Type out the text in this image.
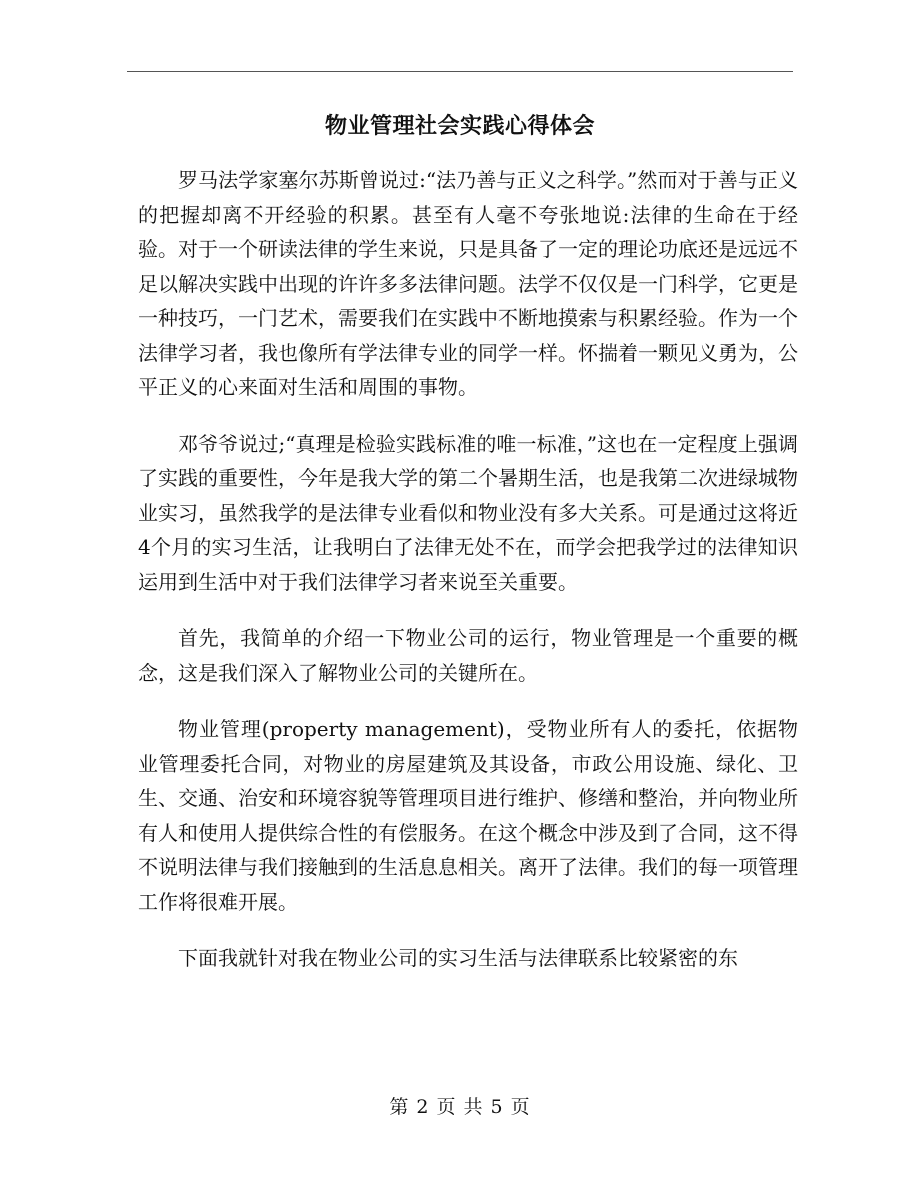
物业管理社会实践心得体会

罗马法学家塞尔苏斯曾说过:“法乃善与正义之科学。”然而对于善与正义的把握却离不开经验的积累。甚至有人毫不夸张地说:法律的生命在于经验。对于一个研读法律的学生来说，只是具备了一定的理论功底还是远远不足以解决实践中出现的许许多多法律问题。法学不仅仅是一门科学，它更是一种技巧，一门艺术，需要我们在实践中不断地摸索与积累经验。作为一个法律学习者，我也像所有学法律专业的同学一样。怀揣着一颗见义勇为，公平正义的心来面对生活和周围的事物。

邓爷爷说过;“真理是检验实践标准的唯一标准，”这也在一定程度上强调了实践的重要性，今年是我大学的第二个暑期生活，也是我第二次进绿城物业实习，虽然我学的是法律专业看似和物业没有多大关系。可是通过这将近4个月的实习生活，让我明白了法律无处不在，而学会把我学过的法律知识运用到生活中对于我们法律学习者来说至关重要。

首先，我简单的介绍一下物业公司的运行，物业管理是一个重要的概念，这是我们深入了解物业公司的关键所在。

物业管理(property management)，受物业所有人的委托，依据物业管理委托合同，对物业的房屋建筑及其设备，市政公用设施、绿化、卫生、交通、治安和环境容貌等管理项目进行维护、修缮和整治，并向物业所有人和使用人提供综合性的有偿服务。在这个概念中涉及到了合同，这不得不说明法律与我们接触到的生活息息相关。离开了法律。我们的每一项管理工作将很难开展。

下面我就针对我在物业公司的实习生活与法律联系比较紧密的东

第 2 页 共 5 页
